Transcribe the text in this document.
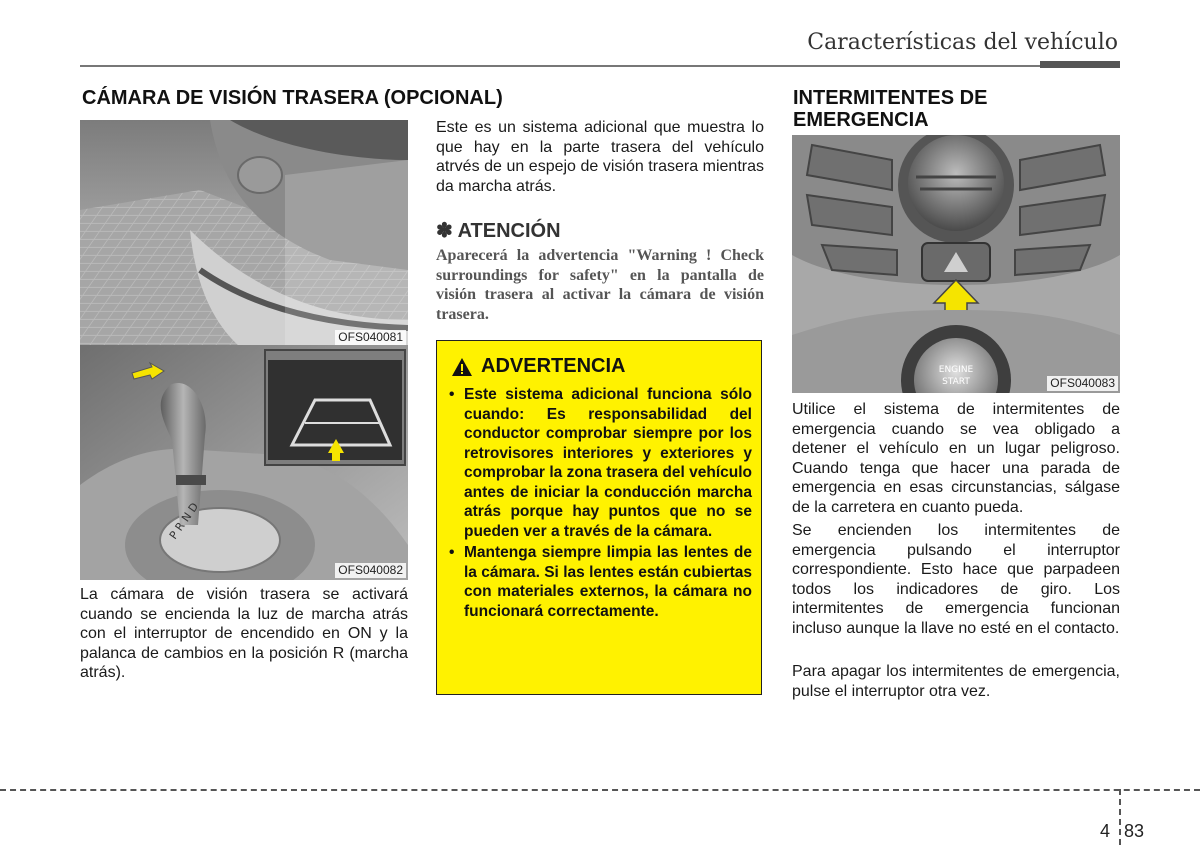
Características del vehículo
CÁMARA DE VISIÓN TRASERA (OPCIONAL)
OFS040081
P R N D
OFS040082

La cámara de visión trasera se activará cuando se encienda la luz de marcha atrás con el interruptor de encendido en ON y la palanca de cambios en la posición R (marcha atrás).

Este es un sistema adicional que muestra lo que hay en la parte trasera del vehículo atrvés de un espejo de visión trasera mientras da marcha atrás.

✽ ATENCIÓN

Aparecerá la advertencia "Warning ! Check surroundings for safety" en la pantalla de visión trasera al activar la cámara de visión trasera.

ADVERTENCIA
• Este sistema adicional funciona sólo cuando: Es responsabilidad del conductor comprobar siempre por los retrovisores interiores y exteriores y comprobar la zona trasera del vehículo antes de iniciar la conducción marcha atrás porque hay puntos que no se pueden ver a través de la cámara.
• Mantenga siempre limpia las lentes de la cámara. Si las lentes están cubiertas con materiales externos, la cámara no funcionará correctamente.
INTERMITENTES DE EMERGENCIA
ENGINE
START	OFS040083

Utilice el sistema de intermitentes de emergencia cuando se vea obligado a detener el vehículo en un lugar peligroso. Cuando tenga que hacer una parada de emergencia en esas circunstancias, sálgase de la carretera en cuanto pueda.

Se encienden los intermitentes de emergencia pulsando el interruptor correspondiente. Esto hace que parpadeen todos los indicadores de giro. Los intermitentes de emergencia funcionan incluso aunque la llave no esté en el contacto.

Para apagar los intermitentes de emergencia, pulse el interruptor otra vez.

4 83
